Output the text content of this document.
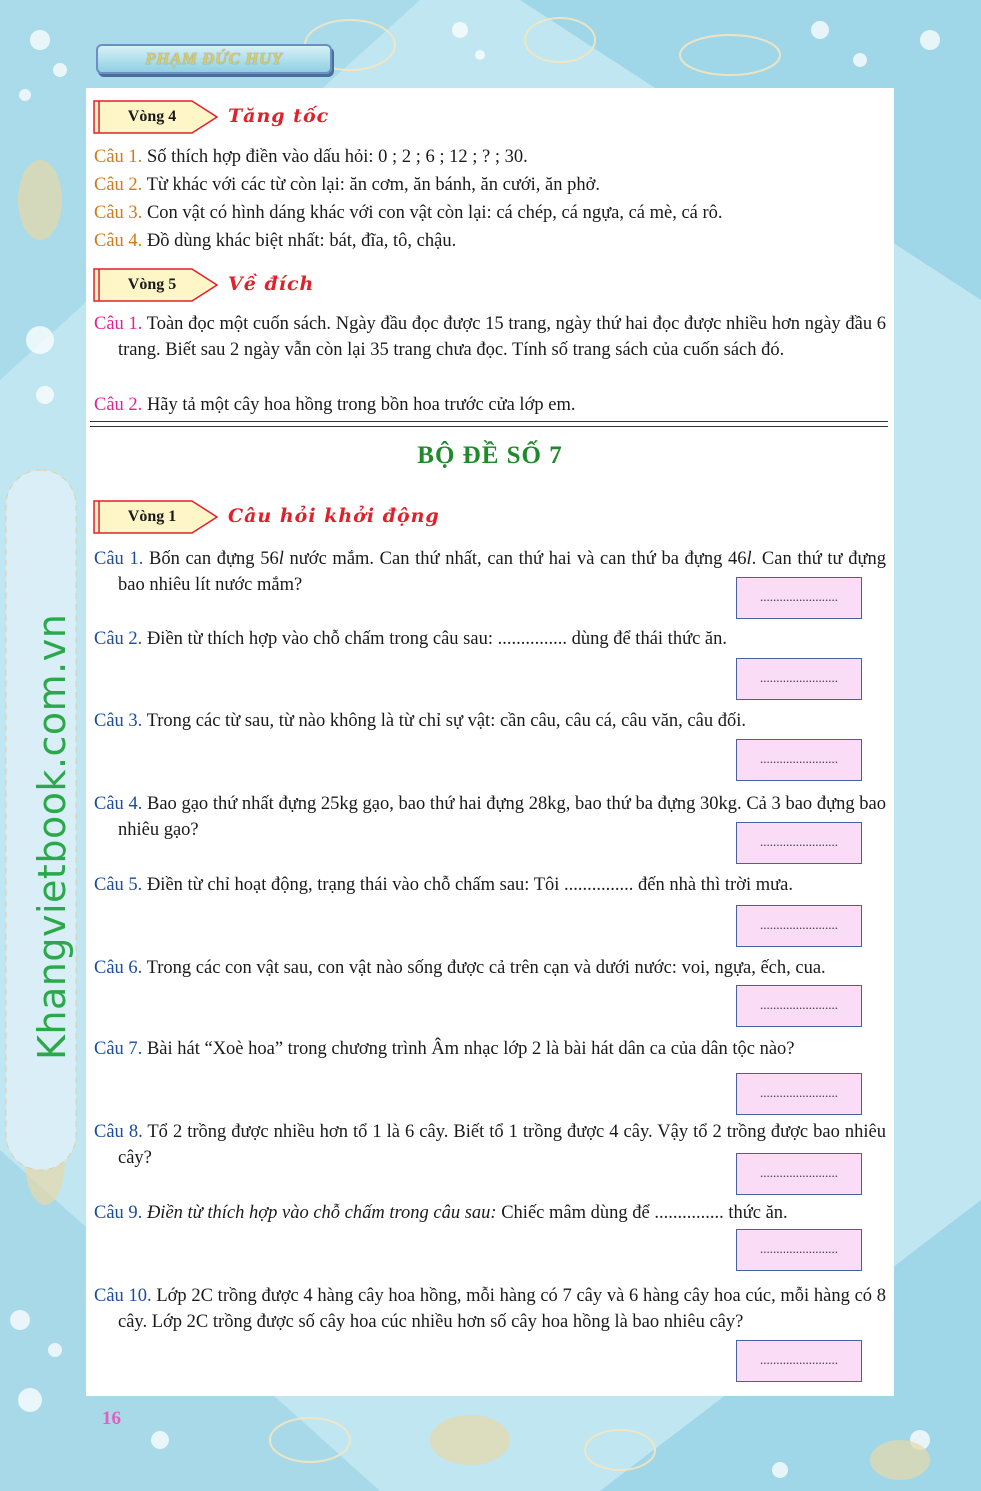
PHẠM ĐỨC HUY
Khangvietbook.com.vn
Vòng 4	Tăng tốc
Câu 1. Số thích hợp điền vào dấu hỏi: 0 ; 2 ; 6 ; 12 ; ? ; 30.
Câu 2. Từ khác với các từ còn lại: ăn cơm, ăn bánh, ăn cưới, ăn phở.
Câu 3. Con vật có hình dáng khác với con vật còn lại: cá chép, cá ngựa, cá mè, cá rô.
Câu 4. Đồ dùng khác biệt nhất: bát, đĩa, tô, chậu.
Vòng 5	Về đích
Câu 1. Toàn đọc một cuốn sách. Ngày đầu đọc được 15 trang, ngày thứ hai đọc được nhiều hơn ngày đầu 6 trang. Biết sau 2 ngày vẫn còn lại 35 trang chưa đọc. Tính số trang sách của cuốn sách đó.
Câu 2. Hãy tả một cây hoa hồng trong bồn hoa trước cửa lớp em.
BỘ ĐỀ SỐ 7
Vòng 1	Câu hỏi khởi động
Câu 1. Bốn can đựng 56l nước mắm. Can thứ nhất, can thứ hai và can thứ ba đựng 46l. Can thứ tư đựng bao nhiêu lít nước mắm?
........................
Câu 2. Điền từ thích hợp vào chỗ chấm trong câu sau: ............... dùng để thái thức ăn.
........................
Câu 3. Trong các từ sau, từ nào không là từ chỉ sự vật: cần câu, câu cá, câu văn, câu đối.
........................
Câu 4. Bao gạo thứ nhất đựng 25kg gạo, bao thứ hai đựng 28kg, bao thứ ba đựng 30kg. Cả 3 bao đựng bao nhiêu gạo?
........................
Câu 5. Điền từ chỉ hoạt động, trạng thái vào chỗ chấm sau: Tôi ............... đến nhà thì trời mưa.
........................
Câu 6. Trong các con vật sau, con vật nào sống được cả trên cạn và dưới nước: voi, ngựa, ếch, cua.
........................
Câu 7. Bài hát “Xoè hoa” trong chương trình Âm nhạc lớp 2 là bài hát dân ca của dân tộc nào?
........................
Câu 8. Tổ 2 trồng được nhiều hơn tổ 1 là 6 cây. Biết tổ 1 trồng được 4 cây. Vậy tổ 2 trồng được bao nhiêu cây?
........................
Câu 9. Điền từ thích hợp vào chỗ chấm trong câu sau: Chiếc mâm dùng để ............... thức ăn.
........................
Câu 10. Lớp 2C trồng được 4 hàng cây hoa hồng, mỗi hàng có 7 cây và 6 hàng cây hoa cúc, mỗi hàng có 8 cây. Lớp 2C trồng được số cây hoa cúc nhiều hơn số cây hoa hồng là bao nhiêu cây?
........................
16
